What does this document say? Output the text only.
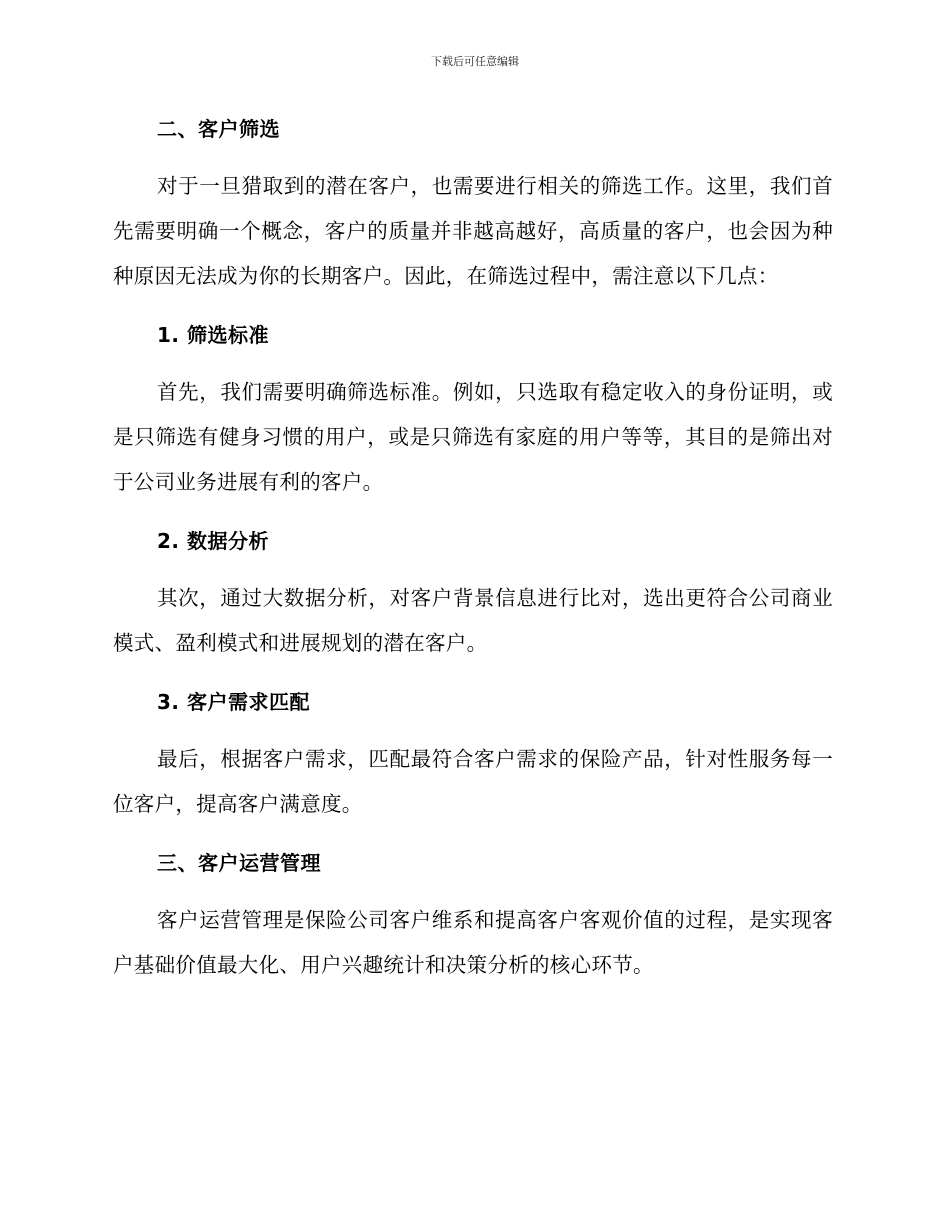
下载后可任意编辑
二、客户筛选

对于一旦猎取到的潜在客户，也需要进行相关的筛选工作。这里，我们首先需要明确一个概念，客户的质量并非越高越好，高质量的客户，也会因为种种原因无法成为你的长期客户。因此，在筛选过程中，需注意以下几点：

1. 筛选标准

首先，我们需要明确筛选标准。例如，只选取有稳定收入的身份证明，或是只筛选有健身习惯的用户，或是只筛选有家庭的用户等等，其目的是筛出对于公司业务进展有利的客户。

2. 数据分析

其次，通过大数据分析，对客户背景信息进行比对，选出更符合公司商业模式、盈利模式和进展规划的潜在客户。

3. 客户需求匹配

最后，根据客户需求，匹配最符合客户需求的保险产品，针对性服务每一位客户，提高客户满意度。

三、客户运营管理

客户运营管理是保险公司客户维系和提高客户客观价值的过程，是实现客户基础价值最大化、用户兴趣统计和决策分析的核心环节。
